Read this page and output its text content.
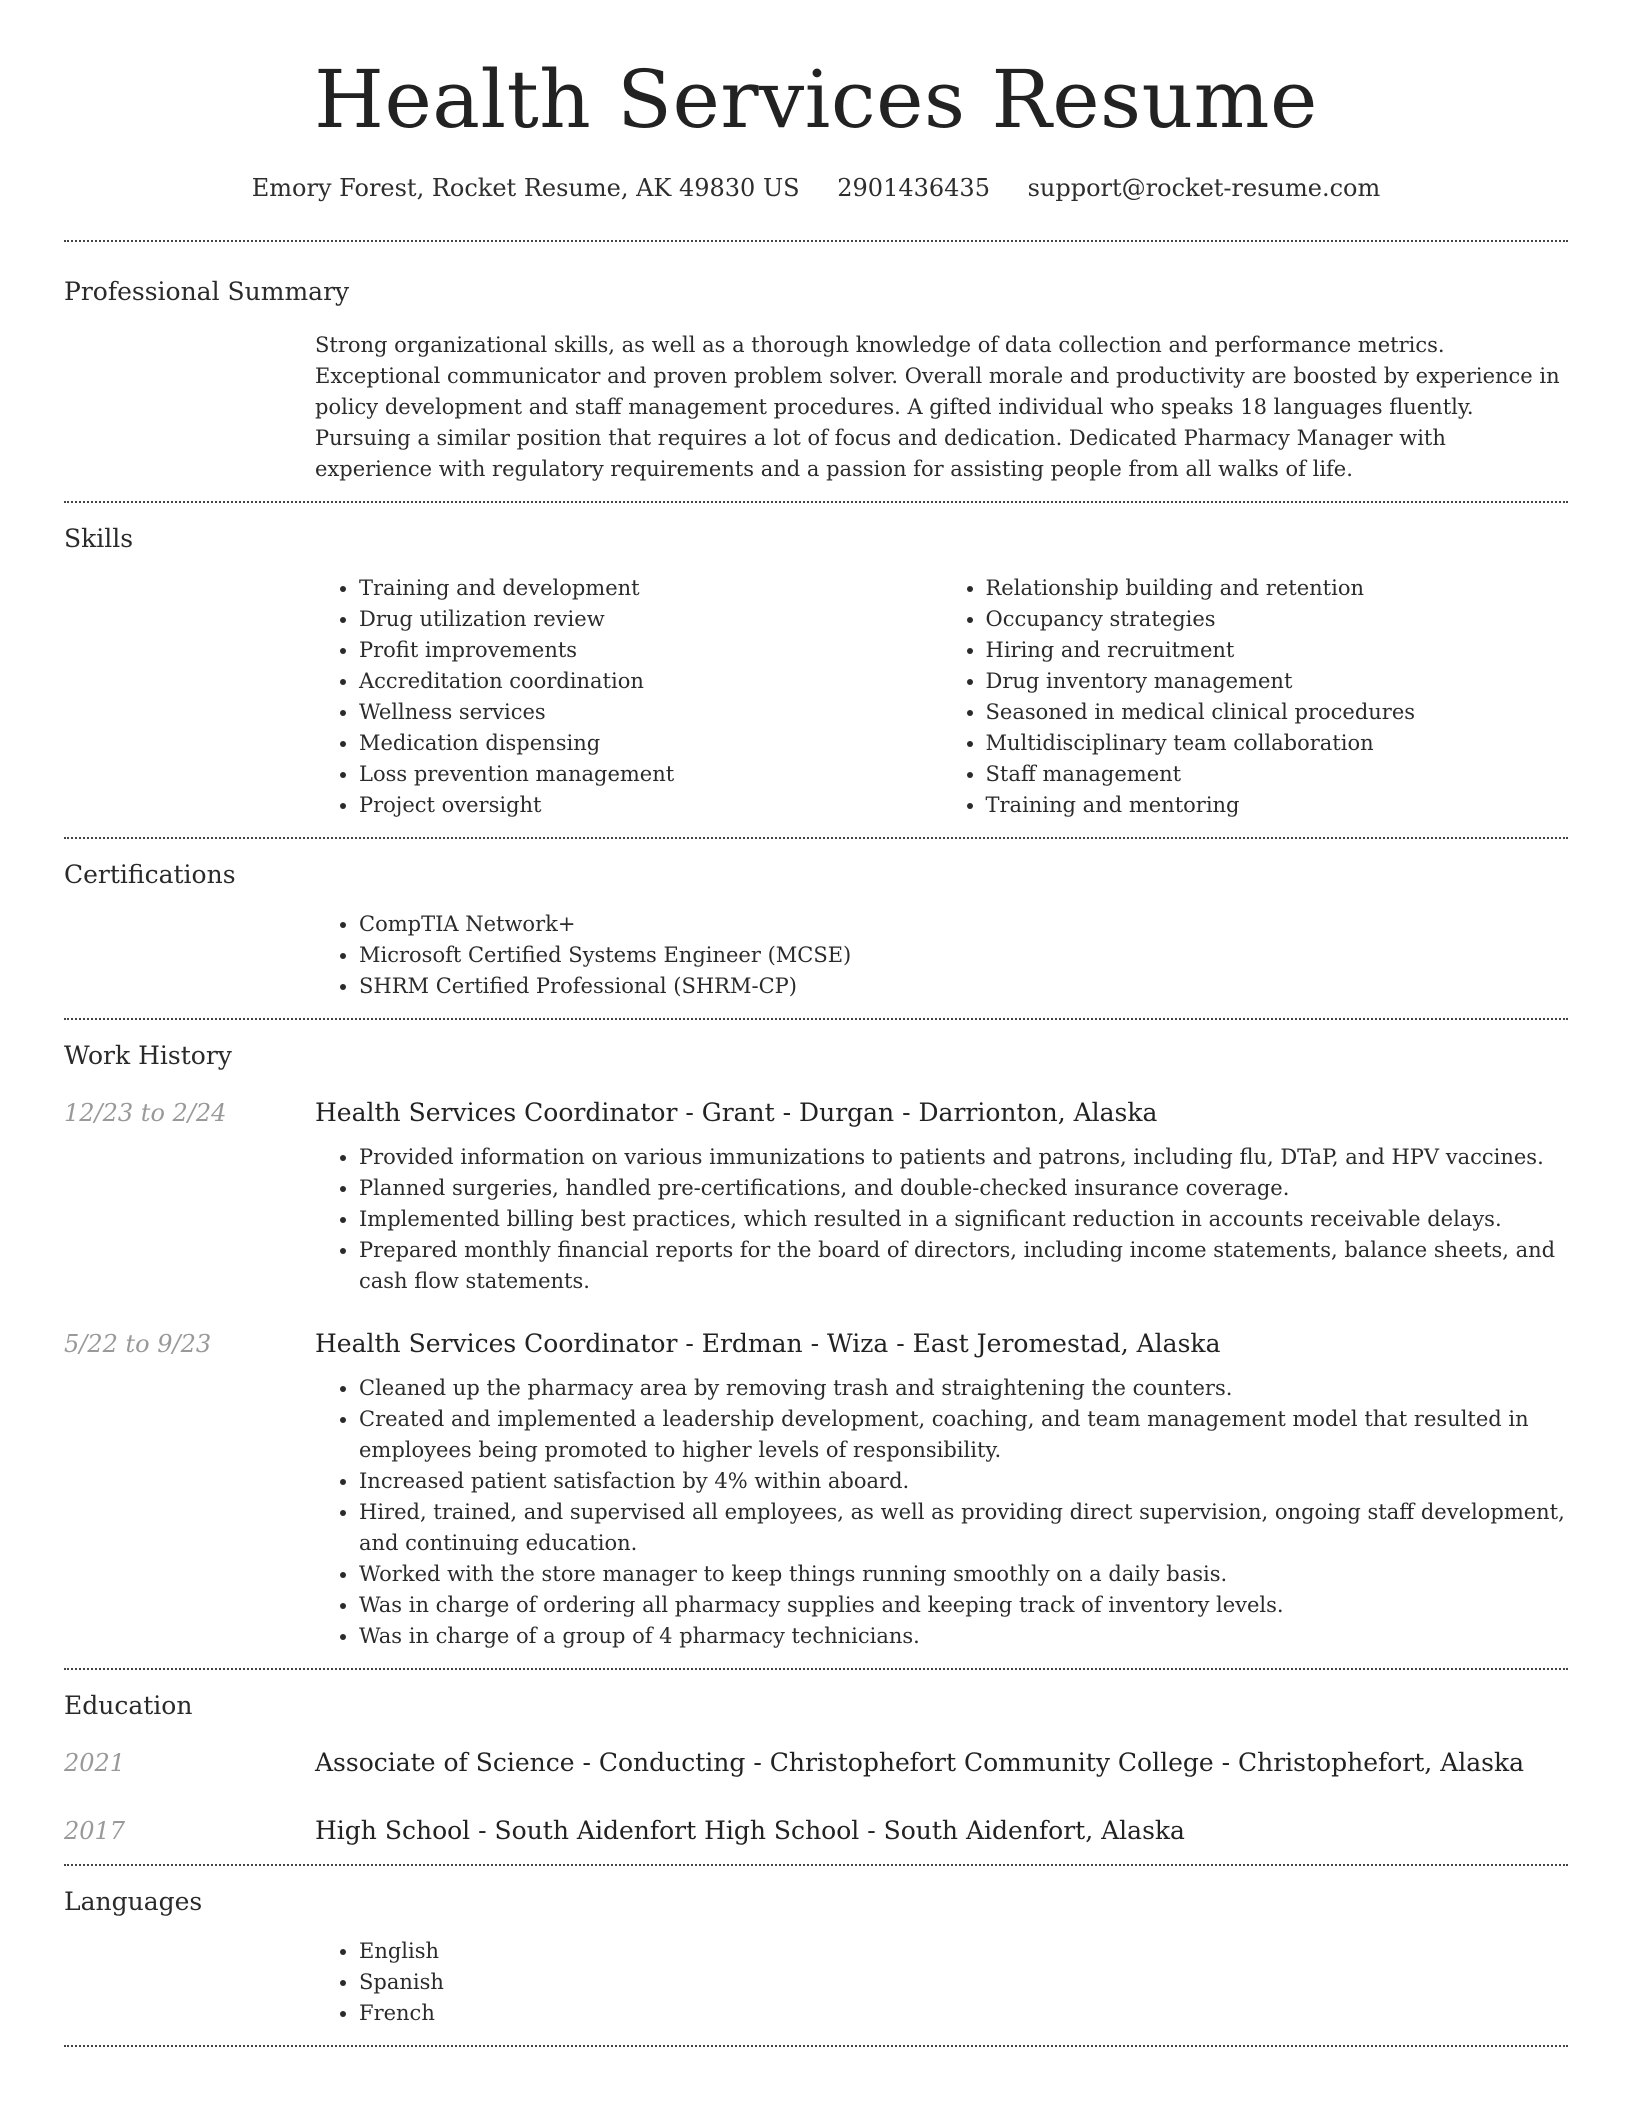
Health Services Resume
Emory Forest, Rocket Resume, AK 49830 US 2901436435 support@rocket-resume.com
Professional Summary
Strong organizational skills, as well as a thorough knowledge of data collection and performance metrics. Exceptional communicator and proven problem solver. Overall morale and productivity are boosted by experience in policy development and staff management procedures. A gifted individual who speaks 18 languages fluently. Pursuing a similar position that requires a lot of focus and dedication. Dedicated Pharmacy Manager with experience with regulatory requirements and a passion for assisting people from all walks of life.
Skills
• Training and development
• Drug utilization review
• Profit improvements
• Accreditation coordination
• Wellness services
• Medication dispensing
• Loss prevention management
• Project oversight
• Relationship building and retention
• Occupancy strategies
• Hiring and recruitment
• Drug inventory management
• Seasoned in medical clinical procedures
• Multidisciplinary team collaboration
• Staff management
• Training and mentoring
Certifications
• CompTIA Network+
• Microsoft Certified Systems Engineer (MCSE)
• SHRM Certified Professional (SHRM-CP)
Work History
12/23 to 2/24	Health Services Coordinator - Grant - Durgan - Darrionton, Alaska
• Provided information on various immunizations to patients and patrons, including flu, DTaP, and HPV vaccines.
• Planned surgeries, handled pre-certifications, and double-checked insurance coverage.
• Implemented billing best practices, which resulted in a significant reduction in accounts receivable delays.
• Prepared monthly financial reports for the board of directors, including income statements, balance sheets, and cash flow statements.
5/22 to 9/23	Health Services Coordinator - Erdman - Wiza - East Jeromestad, Alaska
• Cleaned up the pharmacy area by removing trash and straightening the counters.
• Created and implemented a leadership development, coaching, and team management model that resulted in employees being promoted to higher levels of responsibility.
• Increased patient satisfaction by 4% within aboard.
• Hired, trained, and supervised all employees, as well as providing direct supervision, ongoing staff development, and continuing education.
• Worked with the store manager to keep things running smoothly on a daily basis.
• Was in charge of ordering all pharmacy supplies and keeping track of inventory levels.
• Was in charge of a group of 4 pharmacy technicians.
Education
2021	Associate of Science - Conducting - Christophefort Community College - Christophefort, Alaska
2017	High School - South Aidenfort High School - South Aidenfort, Alaska
Languages
• English
• Spanish
• French
